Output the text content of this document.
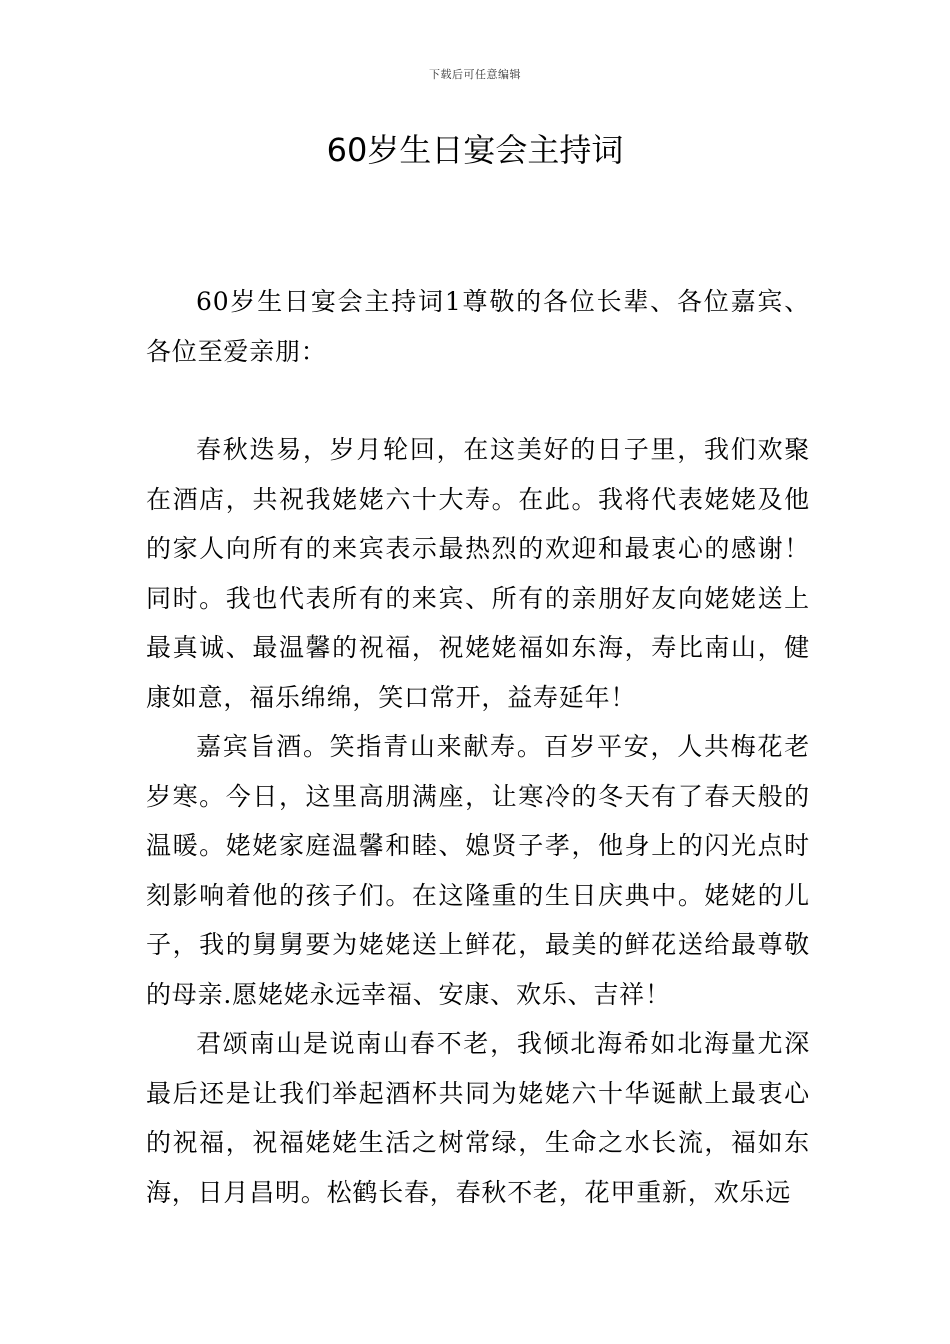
下载后可任意编辑
60岁生日宴会主持词

60岁生日宴会主持词1尊敬的各位长辈、各位嘉宾、各位至爱亲朋：

春秋迭易，岁月轮回，在这美好的日子里，我们欢聚在酒店，共祝我姥姥六十大寿。在此。我将代表姥姥及他的家人向所有的来宾表示最热烈的欢迎和最衷心的感谢！同时。我也代表所有的来宾、所有的亲朋好友向姥姥送上最真诚、最温馨的祝福，祝姥姥福如东海，寿比南山，健康如意，福乐绵绵，笑口常开，益寿延年！

嘉宾旨酒。笑指青山来献寿。百岁平安，人共梅花老岁寒。今日，这里高朋满座，让寒冷的冬天有了春天般的温暖。姥姥家庭温馨和睦、媳贤子孝，他身上的闪光点时刻影响着他的孩子们。在这隆重的生日庆典中。姥姥的儿子，我的舅舅要为姥姥送上鲜花，最美的鲜花送给最尊敬的母亲.愿姥姥永远幸福、安康、欢乐、吉祥！

君颂南山是说南山春不老，我倾北海希如北海量尤深最后还是让我们举起酒杯共同为姥姥六十华诞献上最衷心的祝福，祝福姥姥生活之树常绿，生命之水长流，福如东海，日月昌明。松鹤长春，春秋不老，花甲重新，欢乐远
